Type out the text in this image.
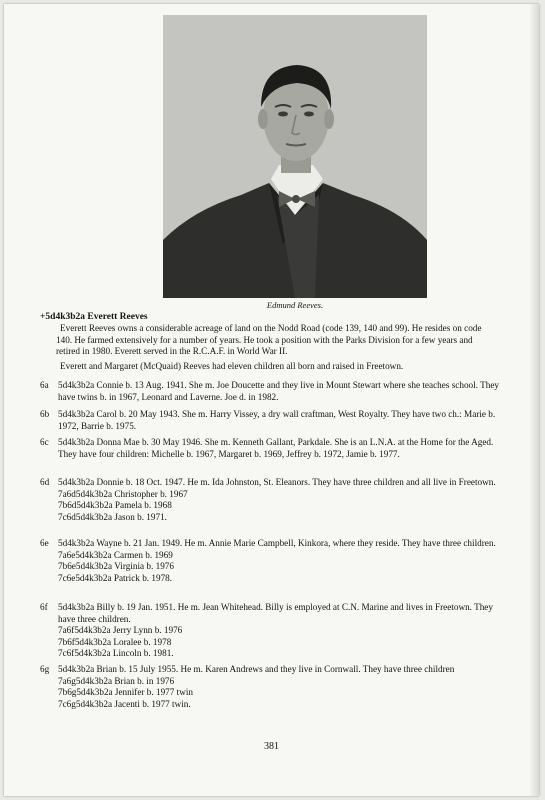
Edmund Reeves.
+5d4k3b2a Everett Reeves
Everett Reeves owns a considerable acreage of land on the Nodd Road (code 139, 140 and 99). He resides on code 140. He farmed extensively for a number of years. He took a position with the Parks Division for a few years and retired in 1980. Everett served in the R.C.A.F. in World War II.
Everett and Margaret (McQuaid) Reeves had eleven children all born and raised in Freetown.
6a	5d4k3b2a Connie b. 13 Aug. 1941. She m. Joe Doucette and they live in Mount Stewart where she teaches school. They have twins b. in 1967, Leonard and Laverne. Joe d. in 1982.
6b 5d4k3b2a Carol b. 20 May 1943. She m. Harry Vissey, a dry wall craftman, West Royalty. They have two ch.: Marie b. 1972, Barrie b. 1975.
6c	5d4k3b2a Donna Mae b. 30 May 1946. She m. Kenneth Gallant, Parkdale. She is an L.N.A. at the Home for the Aged. They have four children: Michelle b. 1967, Margaret b. 1969, Jeffrey b. 1972, Jamie b. 1977.
6d 5d4k3b2a Donnie b. 18 Oct. 1947. He m. Ida Johnston, St. Eleanors. They have three children and all live in Freetown.
7a6d5d4k3b2a Christopher b. 1967
7b6d5d4k3b2a Pamela b. 1968
7c6d5d4k3b2a Jason b. 1971.
6e	5d4k3b2a Wayne b. 21 Jan. 1949. He m. Annie Marie Campbell, Kinkora, where they reside. They have three children.
7a6e5d4k3b2a Carmen b. 1969
7b6e5d4k3b2a Virginia b. 1976
7c6e5d4k3b2a Patrick b. 1978.
6f	5d4k3b2a Billy b. 19 Jan. 1951. He m. Jean Whitehead. Billy is employed at C.N. Marine and lives in Freetown. They have three children.
7a6f5d4k3b2a Jerry Lynn b. 1976
7b6f5d4k3b2a Loralee b. 1978
7c6f5d4k3b2a Lincoln b. 1981.
6g 5d4k3b2a Brian b. 15 July 1955. He m. Karen Andrews and they live in Cornwall. They have three children
7a6g5d4k3b2a Brian b. in 1976
7b6g5d4k3b2a Jennifer b. 1977 twin
7c6g5d4k3b2a Jacenti b. 1977 twin.
381
